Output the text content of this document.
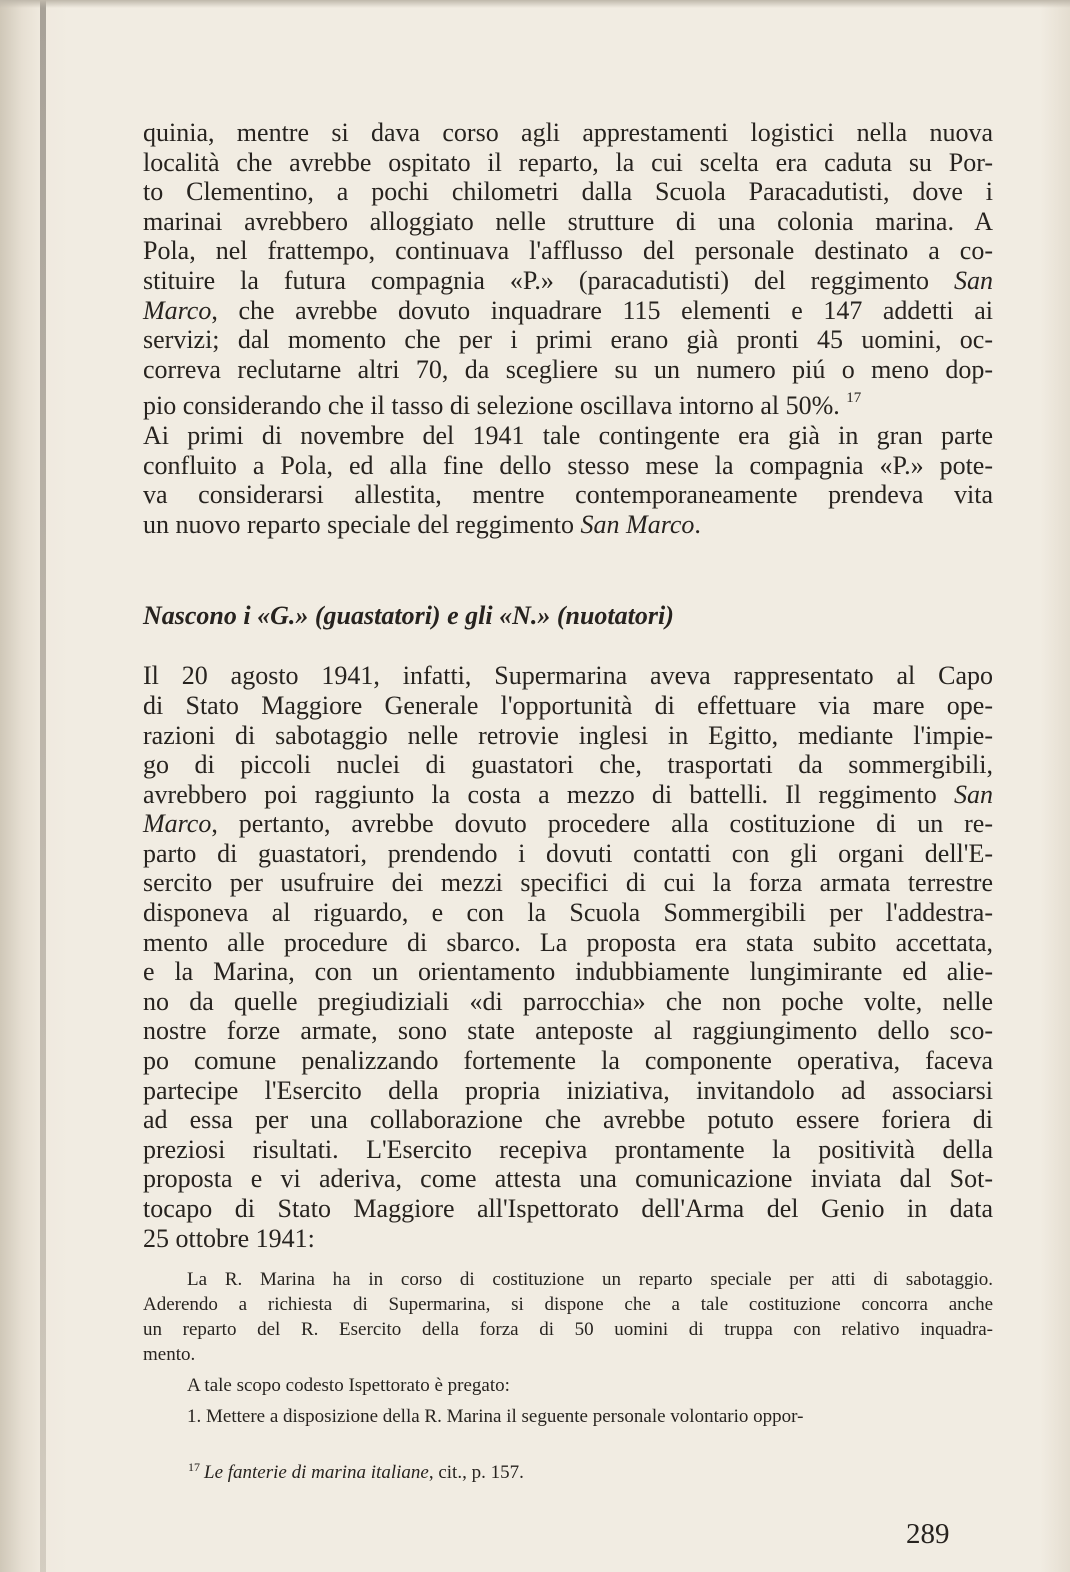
quinia, mentre si dava corso agli apprestamenti logistici nella nuova
località che avrebbe ospitato il reparto, la cui scelta era caduta su Por-
to Clementino, a pochi chilometri dalla Scuola Paracadutisti, dove i
marinai avrebbero alloggiato nelle strutture di una colonia marina. A
Pola, nel frattempo, continuava l'afflusso del personale destinato a co-
stituire la futura compagnia «P.» (paracadutisti) del reggimento San
Marco, che avrebbe dovuto inquadrare 115 elementi e 147 addetti ai
servizi; dal momento che per i primi erano già pronti 45 uomini, oc-
correva reclutarne altri 70, da scegliere su un numero piú o meno dop-
pio considerando che il tasso di selezione oscillava intorno al 50%. $^{17}$
Ai primi di novembre del 1941 tale contingente era già in gran parte
confluito a Pola, ed alla fine dello stesso mese la compagnia «P.» pote-
va considerarsi allestita, mentre contemporaneamente prendeva vita
un nuovo reparto speciale del reggimento San Marco.
Nascono i «G.» (guastatori) e gli «N.» (nuotatori)
Il 20 agosto 1941, infatti, Supermarina aveva rappresentato al Capo
di Stato Maggiore Generale l'opportunità di effettuare via mare ope-
razioni di sabotaggio nelle retrovie inglesi in Egitto, mediante l'impie-
go di piccoli nuclei di guastatori che, trasportati da sommergibili,
avrebbero poi raggiunto la costa a mezzo di battelli. Il reggimento San
Marco, pertanto, avrebbe dovuto procedere alla costituzione di un re-
parto di guastatori, prendendo i dovuti contatti con gli organi dell'E-
sercito per usufruire dei mezzi specifici di cui la forza armata terrestre
disponeva al riguardo, e con la Scuola Sommergibili per l'addestra-
mento alle procedure di sbarco. La proposta era stata subito accettata,
e la Marina, con un orientamento indubbiamente lungimirante ed alie-
no da quelle pregiudiziali «di parrocchia» che non poche volte, nelle
nostre forze armate, sono state anteposte al raggiungimento dello sco-
po comune penalizzando fortemente la componente operativa, faceva
partecipe l'Esercito della propria iniziativa, invitandolo ad associarsi
ad essa per una collaborazione che avrebbe potuto essere foriera di
preziosi risultati. L'Esercito recepiva prontamente la positività della
proposta e vi aderiva, come attesta una comunicazione inviata dal Sot-
tocapo di Stato Maggiore all'Ispettorato dell'Arma del Genio in data
25 ottobre 1941:

La R. Marina ha in corso di costituzione un reparto speciale per atti di sabotaggio.
Aderendo a richiesta di Supermarina, si dispone che a tale costituzione concorra anche
un reparto del R. Esercito della forza di 50 uomini di truppa con relativo inquadra-
mento.

A tale scopo codesto Ispettorato è pregato:

1. Mettere a disposizione della R. Marina il seguente personale volontario oppor-

$^{17}$ Le fanterie di marina italiane, cit., p. 157.
289
